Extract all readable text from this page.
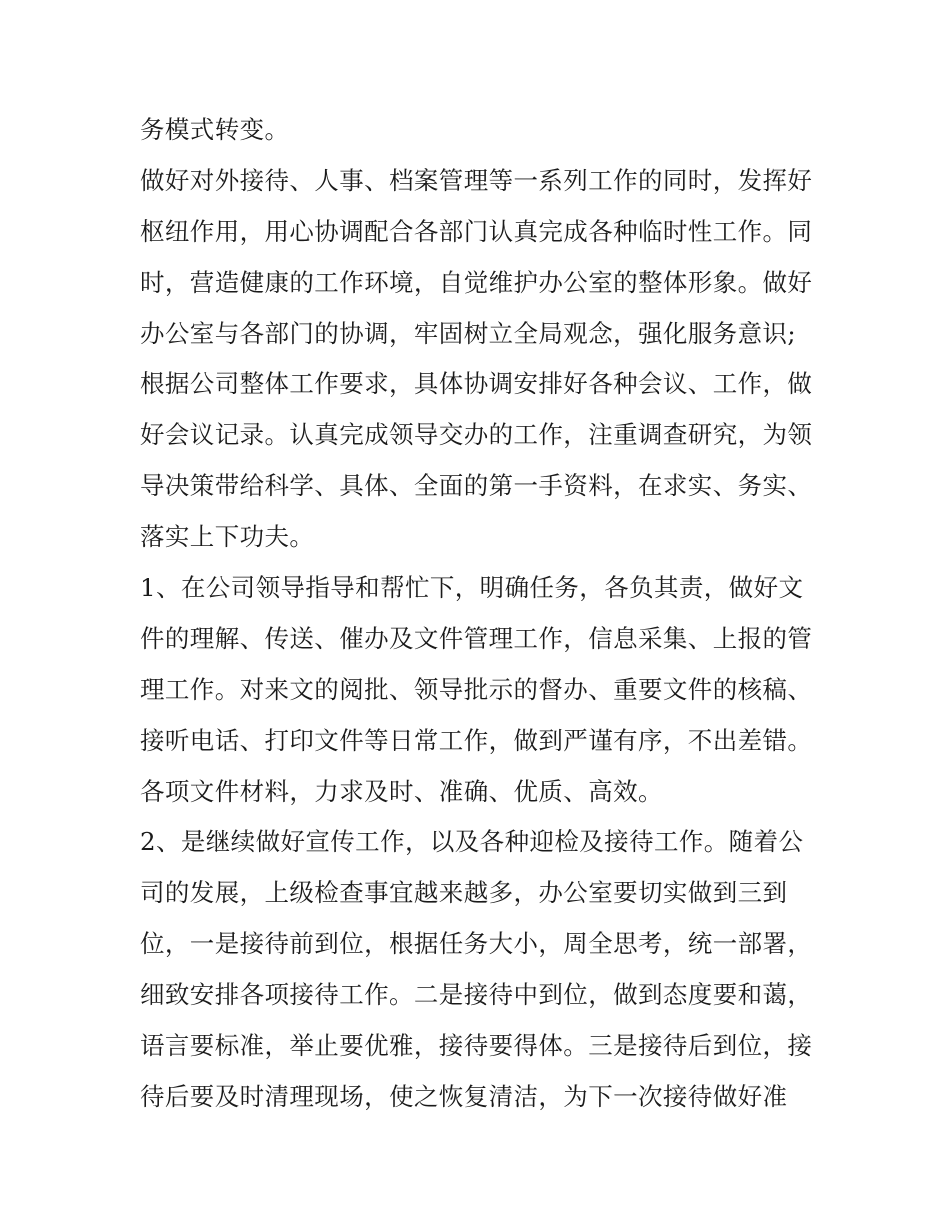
务模式转变。
做好对外接待、人事、档案管理等一系列工作的同时，发挥好
枢纽作用，用心协调配合各部门认真完成各种临时性工作。同
时，营造健康的工作环境，自觉维护办公室的整体形象。做好
办公室与各部门的协调，牢固树立全局观念，强化服务意识;
根据公司整体工作要求，具体协调安排好各种会议、工作，做
好会议记录。认真完成领导交办的工作，注重调查研究，为领
导决策带给科学、具体、全面的第一手资料，在求实、务实、
落实上下功夫。
1、在公司领导指导和帮忙下，明确任务，各负其责，做好文
件的理解、传送、催办及文件管理工作，信息采集、上报的管
理工作。对来文的阅批、领导批示的督办、重要文件的核稿、
接听电话、打印文件等日常工作，做到严谨有序，不出差错。
各项文件材料，力求及时、准确、优质、高效。
2、是继续做好宣传工作，以及各种迎检及接待工作。随着公
司的发展，上级检查事宜越来越多，办公室要切实做到三到
位，一是接待前到位，根据任务大小，周全思考，统一部署，
细致安排各项接待工作。二是接待中到位，做到态度要和蔼，
语言要标准，举止要优雅，接待要得体。三是接待后到位，接
待后要及时清理现场，使之恢复清洁，为下一次接待做好准
